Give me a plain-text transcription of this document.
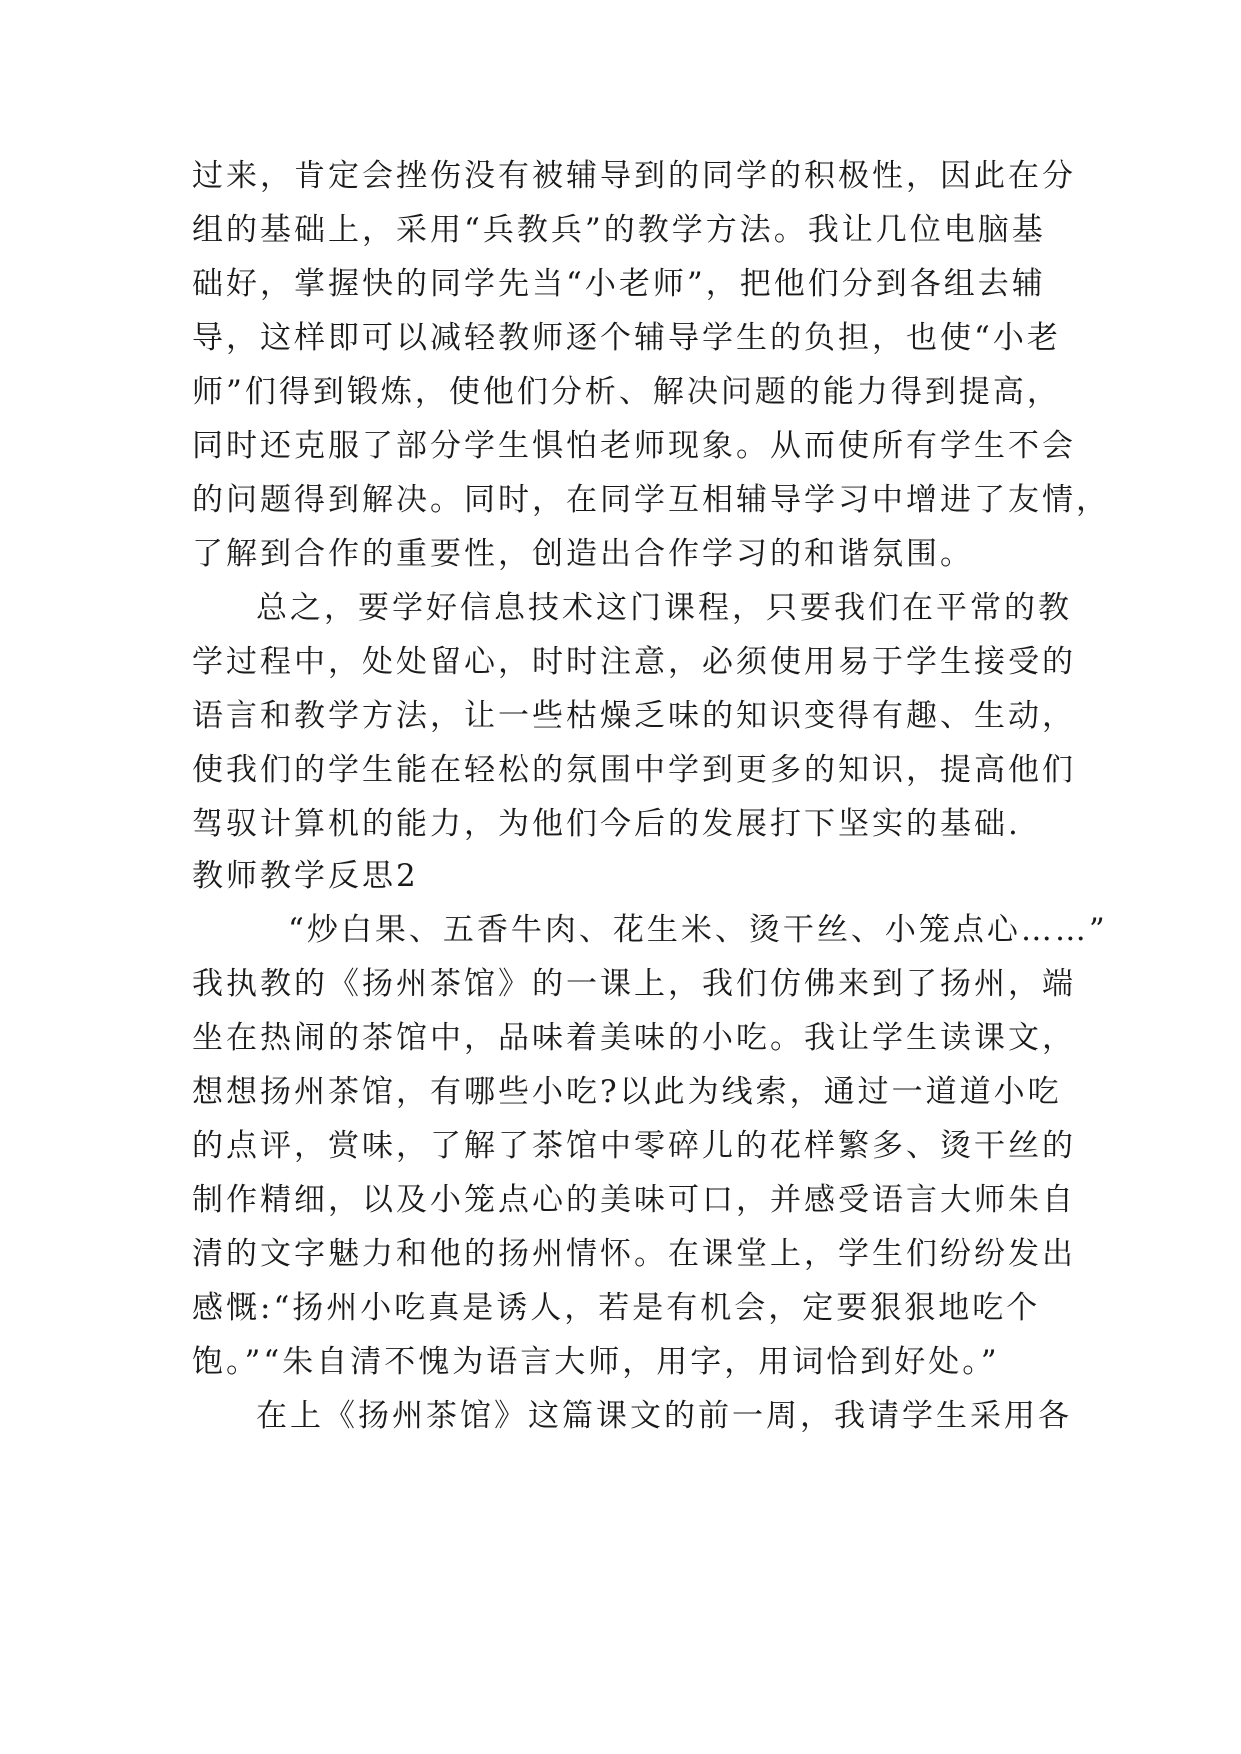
过来，肯定会挫伤没有被辅导到的同学的积极性，因此在分
组的基础上，采用“兵教兵”的教学方法。我让几位电脑基
础好，掌握快的同学先当“小老师”，把他们分到各组去辅
导，这样即可以减轻教师逐个辅导学生的负担，也使“小老
师”们得到锻炼，使他们分析、解决问题的能力得到提高，
同时还克服了部分学生惧怕老师现象。从而使所有学生不会
的问题得到解决。同时，在同学互相辅导学习中增进了友情，
了解到合作的重要性，创造出合作学习的和谐氛围。
总之，要学好信息技术这门课程，只要我们在平常的教
学过程中，处处留心，时时注意，必须使用易于学生接受的
语言和教学方法，让一些枯燥乏味的知识变得有趣、生动，
使我们的学生能在轻松的氛围中学到更多的知识，提高他们
驾驭计算机的能力，为他们今后的发展打下坚实的基础.
教师教学反思2
“炒白果、五香牛肉、花生米、烫干丝、小笼点心……”
我执教的《扬州茶馆》的一课上，我们仿佛来到了扬州，端
坐在热闹的茶馆中，品味着美味的小吃。我让学生读课文，
想想扬州茶馆，有哪些小吃?以此为线索，通过一道道小吃
的点评，赏味，了解了茶馆中零碎儿的花样繁多、烫干丝的
制作精细，以及小笼点心的美味可口，并感受语言大师朱自
清的文字魅力和他的扬州情怀。在课堂上，学生们纷纷发出
感慨:“扬州小吃真是诱人，若是有机会，定要狠狠地吃个
饱。”“朱自清不愧为语言大师，用字，用词恰到好处。”
在上《扬州茶馆》这篇课文的前一周，我请学生采用各
